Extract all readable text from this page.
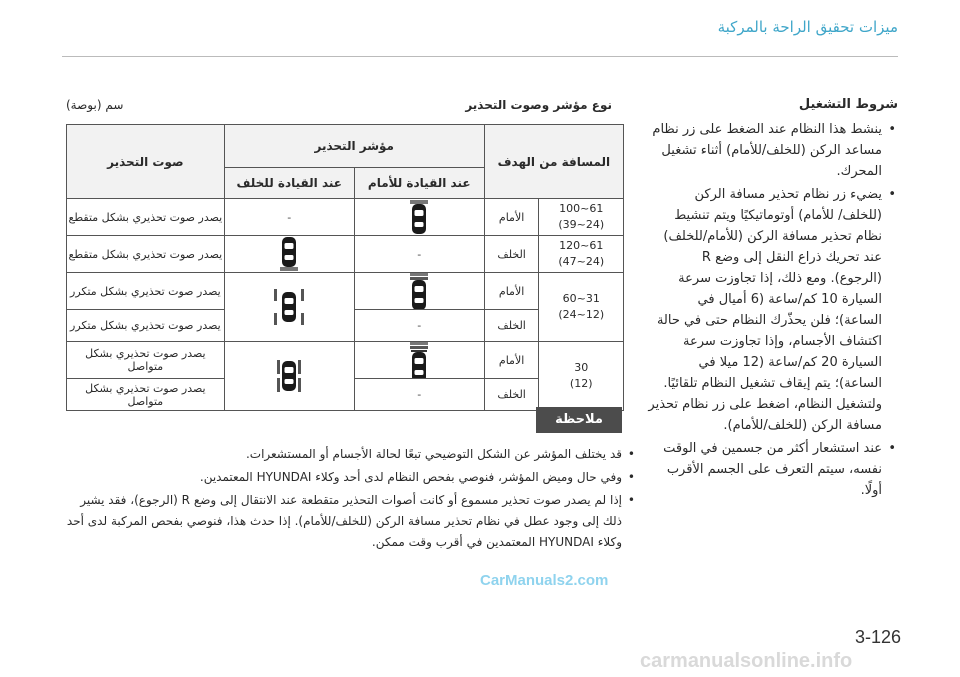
ميزات تحقيق الراحة بالمركبة
شروط التشغيل
• ينشط هذا النظام عند الضغط على زر نظام مساعد الركن (للخلف/للأمام) أثناء تشغيل المحرك.
• يضيء زر نظام تحذير مسافة الركن (للخلف/ للأمام) أوتوماتيكيًا ويتم تنشيط نظام تحذير مسافة الركن (للأمام/للخلف) عند تحريك ذراع النقل إلى وضع R (الرجوع). ومع ذلك، إذا تجاوزت سرعة السيارة 10 كم/ساعة (6 أميال في الساعة)؛ فلن يحذّرك النظام حتى في حالة اكتشاف الأجسام، وإذا تجاوزت سرعة السيارة 20 كم/ساعة (12 ميلا في الساعة)؛ يتم إيقاف تشغيل النظام تلقائيًا. ولتشغيل النظام، اضغط على زر نظام تحذير مسافة الركن (للخلف/للأمام).
• عند استشعار أكثر من جسمين في الوقت نفسه، سيتم التعرف على الجسم الأقرب أولًا.
نوع مؤشر وصوت التحذير
سم (بوصة)
المسافة من الهدف		مؤشر التحذير		صوت التحذير
		عند القيادة للأمام	عند القيادة للخلف	
61~100
(24~39)	الأمام		-	يصدر صوت تحذيري بشكل متقطع
61~120
(24~47)	الخلف	-		يصدر صوت تحذيري بشكل متقطع
31~60
(12~24)	الأمام			يصدر صوت تحذيري بشكل متكرر
	الخلف	-		يصدر صوت تحذيري بشكل متكرر
30
(12)	الأمام			يصدر صوت تحذيري بشكل متواصل
	الخلف	-		يصدر صوت تحذيري بشكل متواصل
ملاحظة
• قد يختلف المؤشر عن الشكل التوضيحي تبعًا لحالة الأجسام أو المستشعرات.
• وفي حال وميض المؤشر، فنوصي بفحص النظام لدى أحد وكلاء HYUNDAI المعتمدين.
• إذا لم يصدر صوت تحذير مسموع أو كانت أصوات التحذير متقطعة عند الانتقال إلى وضع R (الرجوع)، فقد يشير ذلك إلى وجود عطل في نظام تحذير مسافة الركن (للخلف/للأمام). إذا حدث هذا، فنوصي بفحص المركبة لدى أحد وكلاء HYUNDAI المعتمدين في أقرب وقت ممكن.
CarManuals2.com
3-126
carmanualsonline.info
